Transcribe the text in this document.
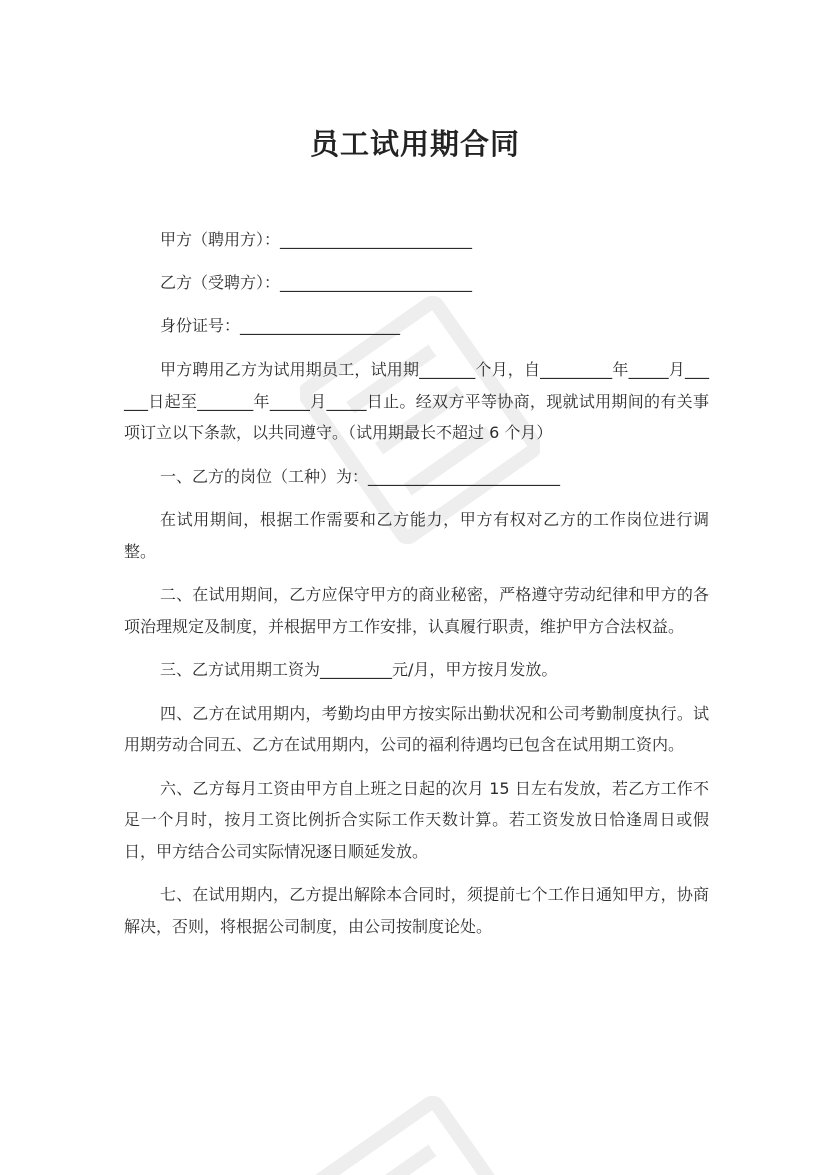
员工试用期合同
甲方（聘用方）：________________________
乙方（受聘方）：________________________
身份证号：____________________
甲方聘用乙方为试用期员工，试用期_______个月，自_________年_____月______日起至_______年_____月_____日止。经双方平等协商，现就试用期间的有关事项订立以下条款，以共同遵守。（试用期最长不超过 6 个月）
一、乙方的岗位（工种）为：________________________
在试用期间，根据工作需要和乙方能力，甲方有权对乙方的工作岗位进行调整。
二、在试用期间，乙方应保守甲方的商业秘密，严格遵守劳动纪律和甲方的各项治理规定及制度，并根据甲方工作安排，认真履行职责，维护甲方合法权益。
三、乙方试用期工资为_________元/月，甲方按月发放。
四、乙方在试用期内，考勤均由甲方按实际出勤状况和公司考勤制度执行。试用期劳动合同五、乙方在试用期内，公司的福利待遇均已包含在试用期工资内。
六、乙方每月工资由甲方自上班之日起的次月 15 日左右发放，若乙方工作不足一个月时，按月工资比例折合实际工作天数计算。若工资发放日恰逢周日或假日，甲方结合公司实际情况逐日顺延发放。
七、在试用期内，乙方提出解除本合同时，须提前七个工作日通知甲方，协商解决，否则，将根据公司制度，由公司按制度论处。
